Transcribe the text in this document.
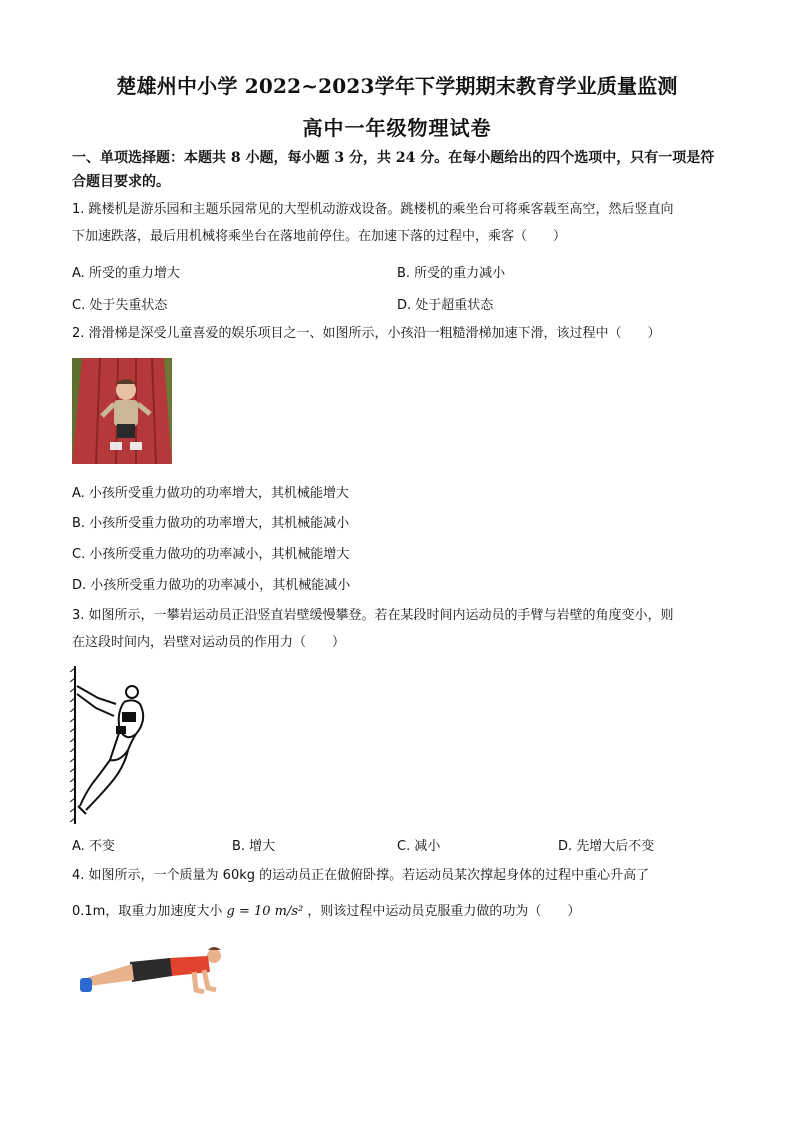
楚雄州中小学 2022~2023学年下学期期末教育学业质量监测
高中一年级物理试卷
一、单项选择题：本题共 8 小题，每小题 3 分，共 24 分。在每小题给出的四个选项中，只有一项是符合题目要求的。
1. 跳楼机是游乐园和主题乐园常见的大型机动游戏设备。跳楼机的乘坐台可将乘客载至高空，然后竖直向
下加速跌落，最后用机械将乘坐台在落地前停住。在加速下落的过程中，乘客（　　）
A. 所受的重力增大	B. 所受的重力减小
C. 处于失重状态	D. 处于超重状态
2. 滑滑梯是深受儿童喜爱的娱乐项目之一、如图所示，小孩沿一粗糙滑梯加速下滑，该过程中（　　）
A. 小孩所受重力做功的功率增大，其机械能增大
B. 小孩所受重力做功的功率增大，其机械能减小
C. 小孩所受重力做功的功率减小，其机械能增大
D. 小孩所受重力做功的功率减小，其机械能减小
3. 如图所示，一攀岩运动员正沿竖直岩壁缓慢攀登。若在某段时间内运动员的手臂与岩壁的角度变小，则
在这段时间内，岩壁对运动员的作用力（　　）
A. 不变	B. 增大	C. 减小	D. 先增大后不变
4. 如图所示，一个质量为 60kg 的运动员正在做俯卧撑。若运动员某次撑起身体的过程中重心升高了
0.1m，取重力加速度大小 g = 10 m/s² ，则该过程中运动员克服重力做的功为（　　）
